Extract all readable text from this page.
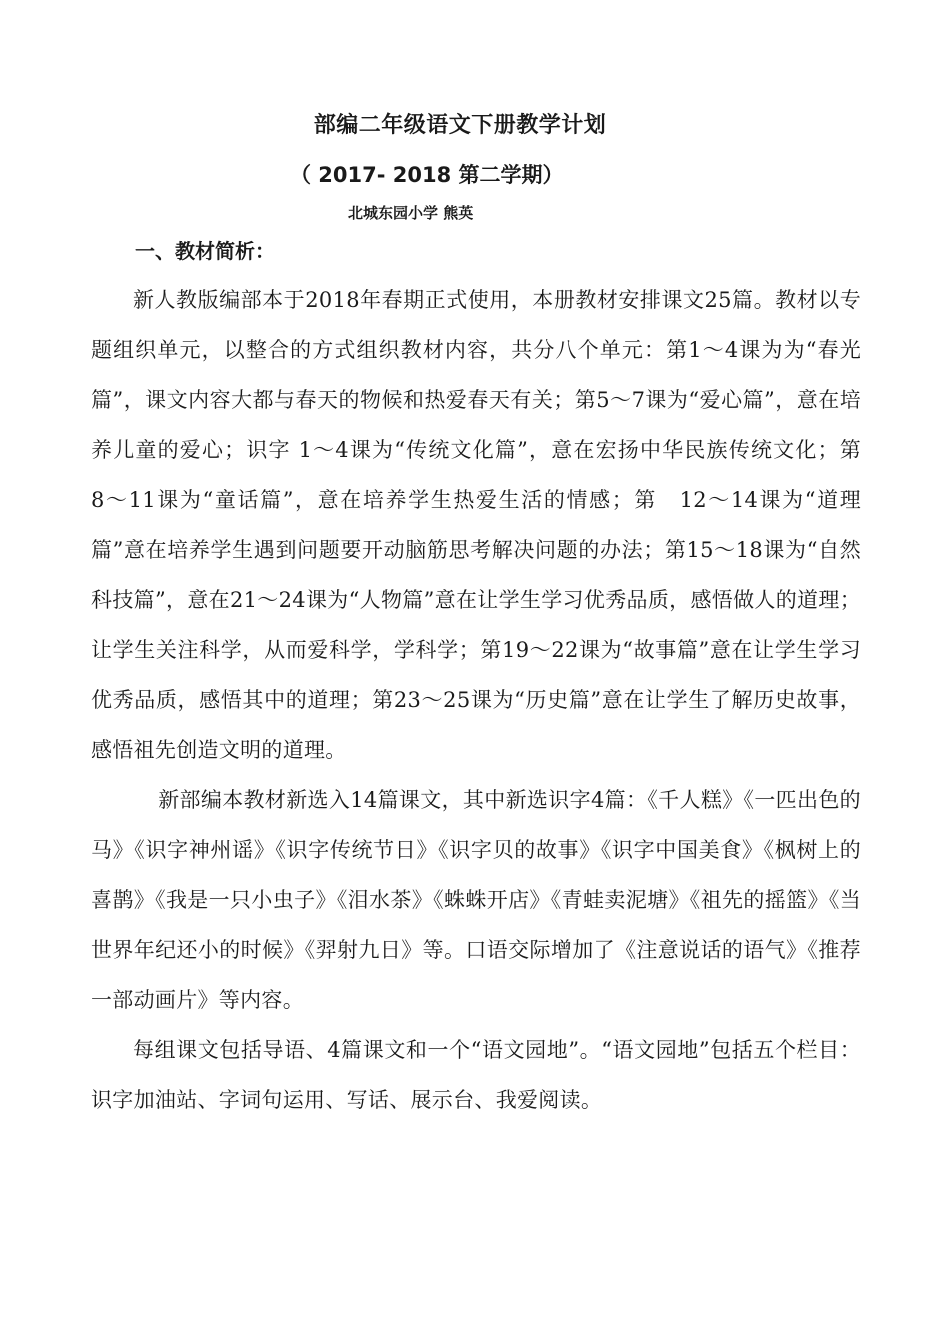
部编二年级语文下册教学计划
（ 2017- 2018 第二学期）
北城东园小学 熊英
一、教材简析：

新人教版编部本于2018年春期正式使用，本册教材安排课文25篇。教材以专题组织单元，以整合的方式组织教材内容，共分八个单元：第1～4课为为“春光篇”，课文内容大都与春天的物候和热爱春天有关；第5～7课为“爱心篇”，意在培养儿童的爱心；识字 1～4课为“传统文化篇”，意在宏扬中华民族传统文化；第　8～11课为“童话篇”，意在培养学生热爱生活的情感；第　12～14课为“道理篇”意在培养学生遇到问题要开动脑筋思考解决问题的办法；第15～18课为“自然科技篇”，意在21～24课为“人物篇”意在让学生学习优秀品质，感悟做人的道理；让学生关注科学，从而爱科学，学科学；第19～22课为“故事篇”意在让学生学习优秀品质，感悟其中的道理；第23～25课为“历史篇”意在让学生了解历史故事，感悟祖先创造文明的道理。

新部编本教材新选入14篇课文，其中新选识字4篇：《千人糕》《一匹出色的马》《识字神州谣》《识字传统节日》《识字贝的故事》《识字中国美食》《枫树上的喜鹊》《我是一只小虫子》《泪水茶》《蛛蛛开店》《青蛙卖泥塘》《祖先的摇篮》《当世界年纪还小的时候》《羿射九日》等。口语交际增加了《注意说话的语气》《推荐一部动画片》等内容。

每组课文包括导语、4篇课文和一个“语文园地”。“语文园地”包括五个栏目：识字加油站、字词句运用、写话、展示台、我爱阅读。
